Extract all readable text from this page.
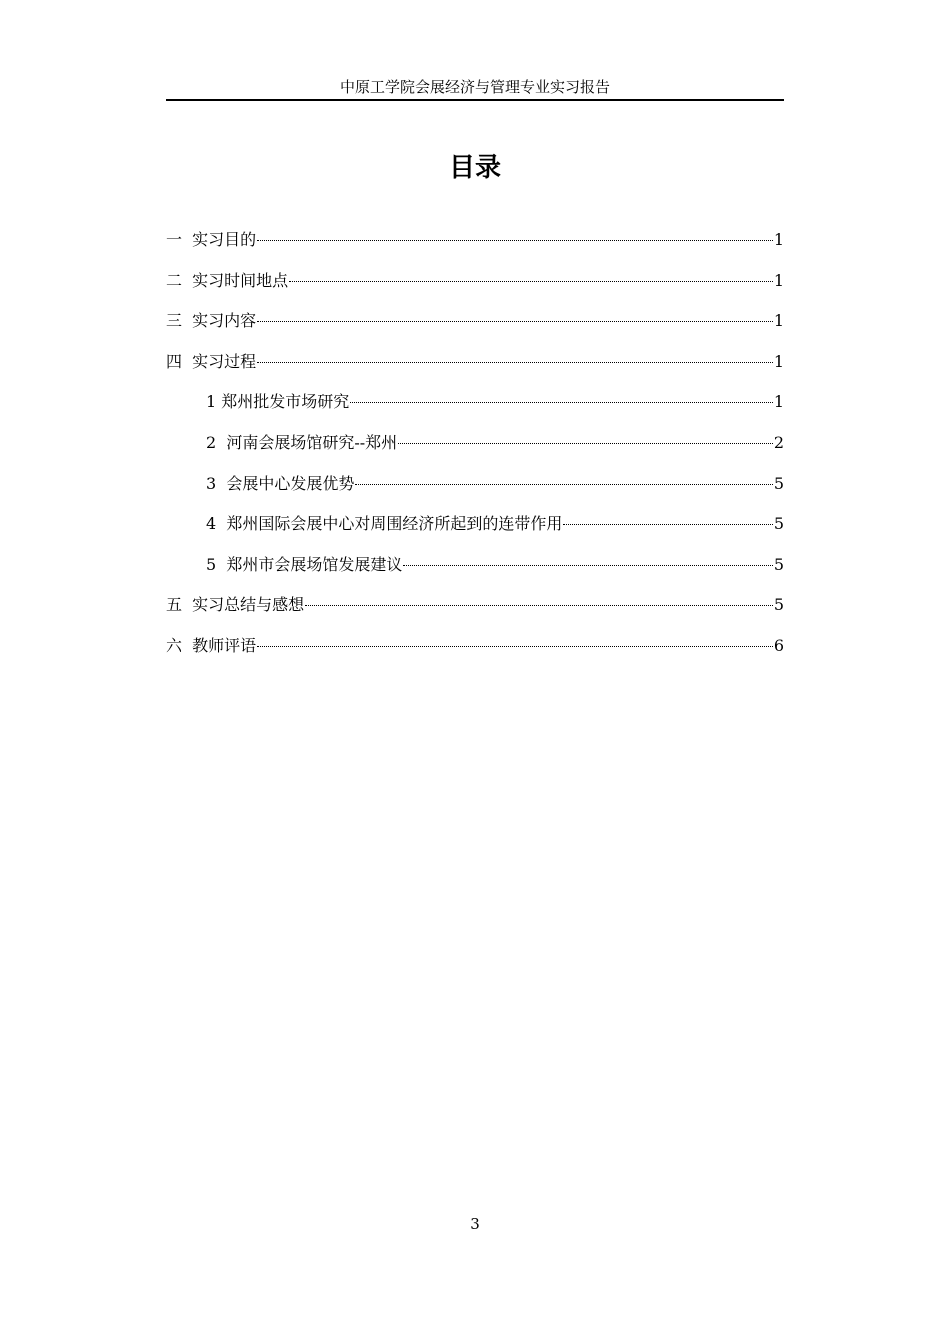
中原工学院会展经济与管理专业实习报告
目录
一  实习目的	1
二  实习时间地点	1
三  实习内容	1
四  实习过程	1
1 郑州批发市场研究	1
2  河南会展场馆研究--郑州	2
3  会展中心发展优势	5
4  郑州国际会展中心对周围经济所起到的连带作用	5
5  郑州市会展场馆发展建议	5
五  实习总结与感想	5
六  教师评语	6
3
